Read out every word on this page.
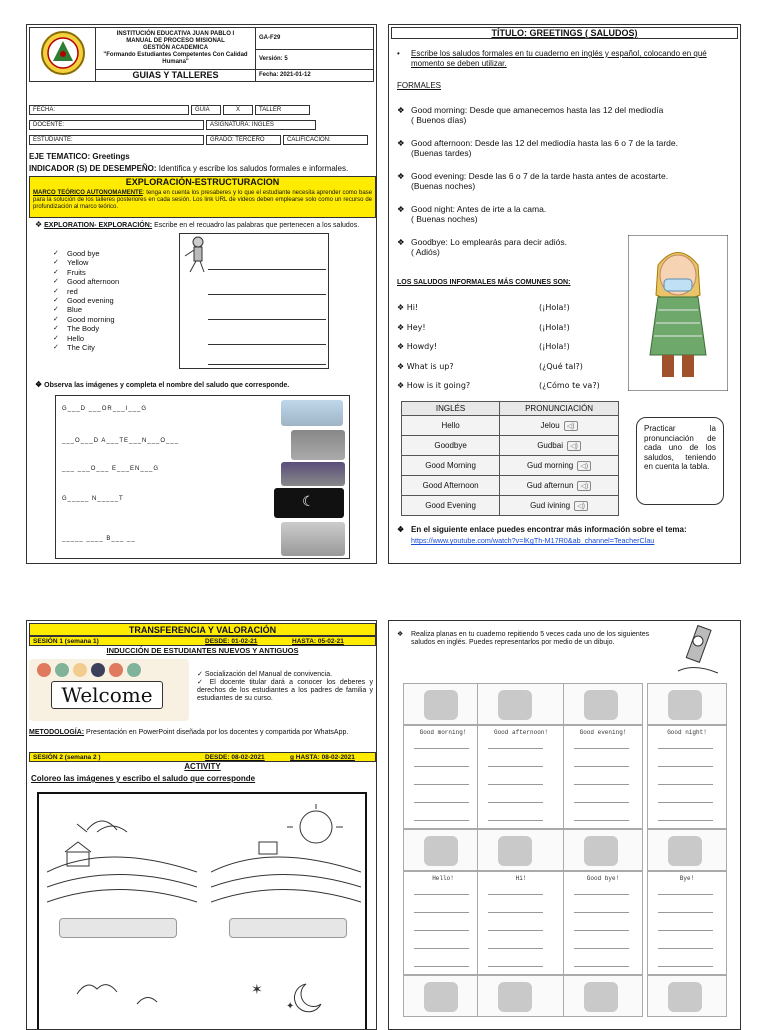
INSTITUCIÓN EDUCATIVA JUAN PABLO I
MANUAL DE PROCESO MISIONAL
GESTIÓN ACADEMICA
"Formando Estudiantes Competentes Con Calidad Humana"	GA-F29
		Versión: 5
	GUIAS Y TALLERES	Fecha: 2021-01-12
FECHA:	GUIA	X	TALLER
DOCENTE:	ASIGNATURA: INGLES
ESTUDIANTE:	GRADO: TERCERO	CALIFICACION:
EJE TEMATICO: Greetings
INDICADOR (S) DE DESEMPEÑO: Identifica y escribe los saludos formales e informales.
EXPLORACIÓN-ESTRUCTURACION
MARCO TEÓRICO AUTONOMAMENTE: tenga en cuenta los presaberes y lo que el estudiante necesita aprender como base para la solución de los talleres posteriores en cada sesión. Los link URL de videos deben emplearse solo como un recurso de profundización al marco teórico.
❖ EXPLORATION- EXPLORACIÓN: Escribe en el recuadro las palabras que pertenecen a los saludos.
✓ Good bye
✓ Yellow
✓ Fruits
✓ Good afternoon
✓ red
✓ Good evening
✓ Blue
✓ Good morning
✓ The Body
✓ Hello
✓ The City
❖ Observa las imágenes y completa el nombre del saludo que corresponde.
G___D ___OR___I___G
___O___D A___TE___N___O___
___ ___O___ E___EN___G
G_____ N_____T
_____ ____ B___ __
☾
TÍTULO: GREETINGS ( SALUDOS)
• Escribe los saludos formales en tu cuaderno en inglés y español, colocando en qué momento se deben utilizar.
FORMALES
❖ Good morning: Desde que amanecemos hasta las 12 del mediodía
( Buenos días)
❖ Good afternoon: Desde las 12 del mediodía hasta las 6 o 7 de la tarde.
(Buenas tardes)
❖ Good evening: Desde las 6 o 7 de la tarde hasta antes de acostarte.
(Buenas noches)
❖ Good night: Antes de irte a la cama.
( Buenas noches)
❖ Goodbye: Lo emplearás para decir adiós.
( Adiós)
LOS SALUDOS INFORMALES MÁS COMUNES SON:
❖ Hi!	(¡Hola!)
❖ Hey!	(¡Hola!)
❖ Howdy!	(¡Hola!)
❖ What is up?	(¿Qué tal?)
❖ How is it going?	(¿Cómo te va?)
INGLÉS	PRONUNCIACIÓN
Hello	Jelou ◁)
Goodbye	Gudbai ◁)
Good Morning	Gud morning ◁)
Good Afternoon	Gud afternun ◁)
Good Evening	Gud ivining ◁)
Practicar la pronunciación de cada uno de los saludos, teniendo en cuenta la tabla.
❖ En el siguiente enlace puedes encontrar más información sobre el tema:
https://www.youtube.com/watch?v=lKgTh-M17R0&ab_channel=TeacherClau
TRANSFERENCIA Y VALORACIÓN
SESIÓN 1 (semana 1)	DESDE: 01-02-21	HASTA: 05-02-21
INDUCCIÓN DE ESTUDIANTES NUEVOS Y ANTIGUOS
Welcome
✓ Socialización del Manual de convivencia.
✓ El docente titular dará a conocer los deberes y derechos de los estudiantes a los padres de familia y estudiantes de su curso.
METODOLOGÍA: Presentación en PowerPoint diseñada por los docentes y compartida por WhatsApp.
SESIÓN 2 (semana 2 )	DESDE: 08-02-2021	g HASTA: 08-02-2021
ACTIVITY
Coloreo las imágenes y escribo el saludo que corresponde
✶
✦
❖ Realiza planas en tu cuaderno repitiendo 5 veces cada uno de los siguientes saludos en inglés. Puedes representarlos por medio de un dibujo.
Good morning!	Good afternoon!	Good evening!	Good night!
Hello!	Hi!	Good bye!	Bye!
